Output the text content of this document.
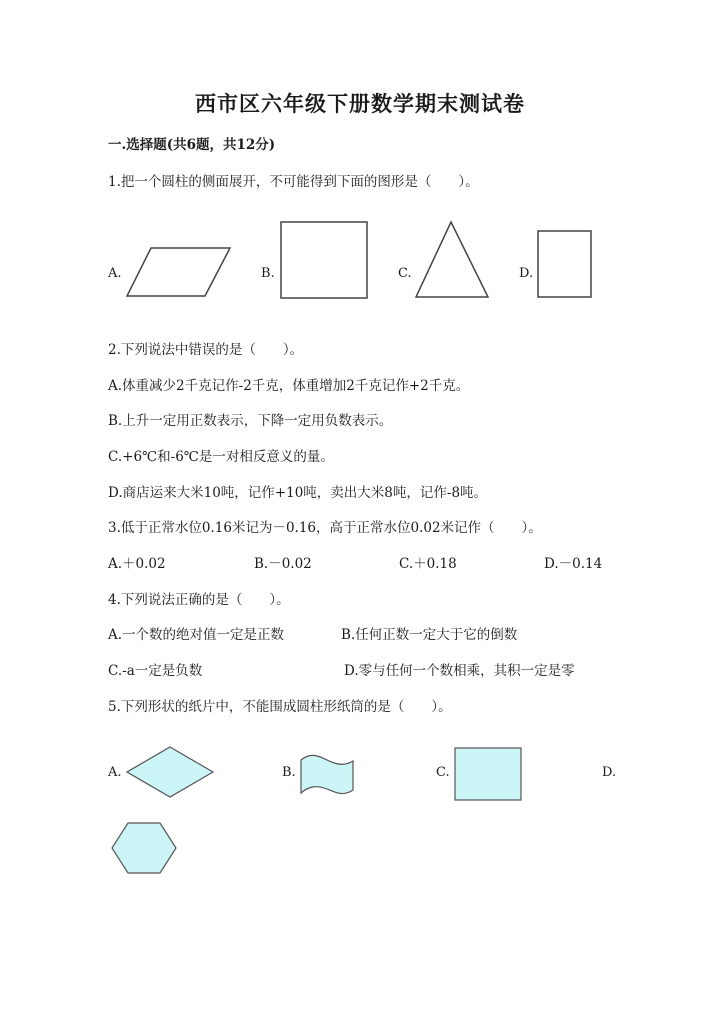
西市区六年级下册数学期末测试卷
一.选择题(共6题，共12分)
1.把一个圆柱的侧面展开，不可能得到下面的图形是（　　）。
A.	B.	C.	D.
2.下列说法中错误的是（　　）。
A.体重减少2千克记作-2千克，体重增加2千克记作+2千克。
B.上升一定用正数表示，下降一定用负数表示。
C.+6℃和-6℃是一对相反意义的量。
D.商店运来大米10吨，记作+10吨，卖出大米8吨，记作-8吨。
3.低于正常水位0.16米记为－0.16，高于正常水位0.02米记作（　　）。
A.＋0.02	B.－0.02	C.＋0.18	D.－0.14
4.下列说法正确的是（　　）。
A.一个数的绝对值一定是正数	B.任何正数一定大于它的倒数
C.-a一定是负数	D.零与任何一个数相乘，其积一定是零
5.下列形状的纸片中，不能围成圆柱形纸筒的是（　　）。
A.	B.	C.	D.
